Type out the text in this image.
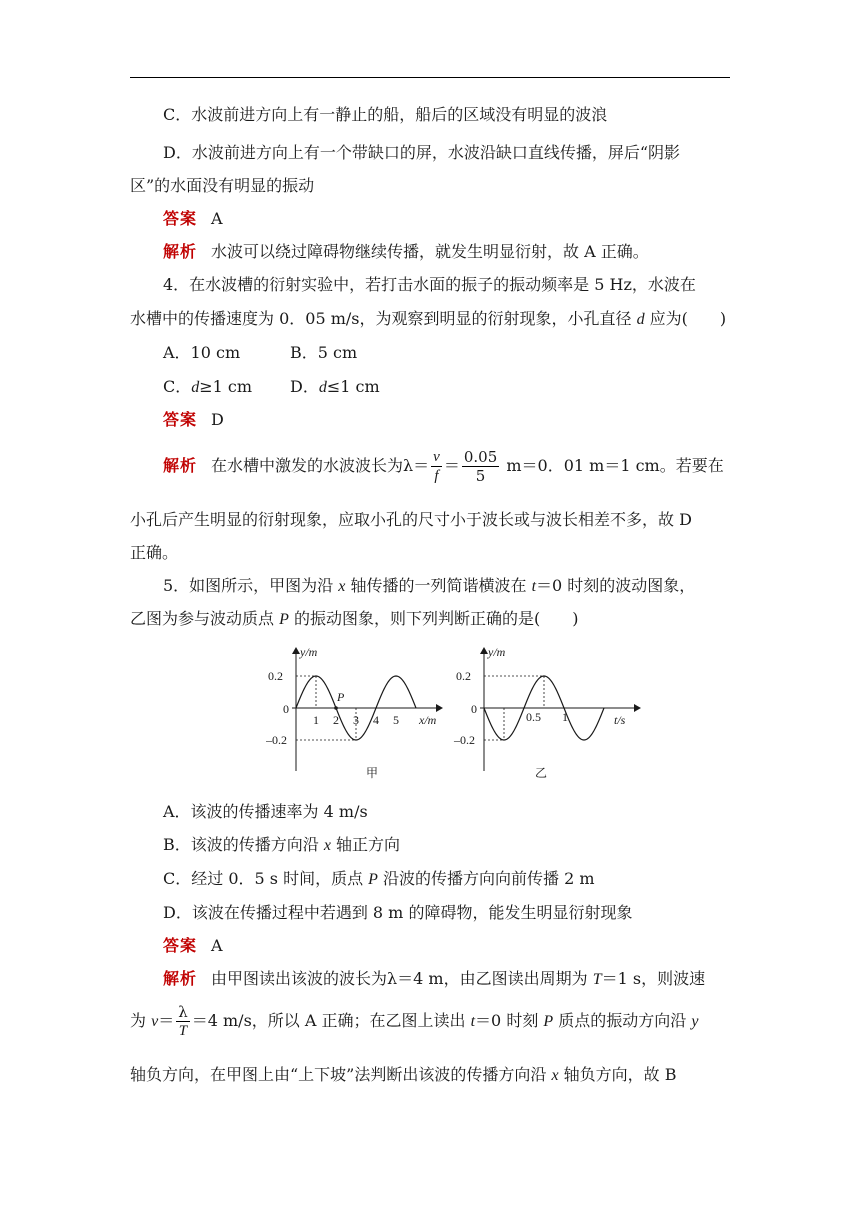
C．水波前进方向上有一静止的船，船后的区域没有明显的波浪
D．水波前进方向上有一个带缺口的屏，水波沿缺口直线传播，屏后“阴影
区”的水面没有明显的振动
答案 A
解析 水波可以绕过障碍物继续传播，就发生明显衍射，故 A 正确。
4．在水波槽的衍射实验中，若打击水面的振子的振动频率是 5 Hz，水波在
水槽中的传播速度为 0．05 m/s，为观察到明显的衍射现象，小孔直径 d 应为(　　)
A．10 cm	B．5 cm
C．d≥1 cm D．d≤1 cm
答案 D
解析 在水槽中激发的水波波长为$\lambda= \frac{v}{f} = \frac{0.05}{5} m=0$．01 m＝1 cm。若要在
小孔后产生明显的衍射现象，应取小孔的尺寸小于波长或与波长相差不多，故 D
正确。
5．如图所示，甲图为沿 x 轴传播的一列简谐横波在 t＝0 时刻的波动图象，
乙图为参与波动质点 P 的振动图象，则下列判断正确的是(　　)
y/m
0.2
–0.2
0
P
1 2 3 4 5 x/m
甲
y/m
0.2
–0.2
0
0.5 1	t/s
乙
A．该波的传播速率为 4 m/s
B．该波的传播方向沿 x 轴正方向
C．经过 0．5 s 时间，质点 P 沿波的传播方向向前传播 2 m
D．该波在传播过程中若遇到 8 m 的障碍物，能发生明显衍射现象
答案 A
解析 由甲图读出该波的波长为λ＝4 m，由乙图读出周期为 T＝1 s，则波速
为 $v= \frac{\lambda}{T} =4$ m/s，所以 A 正确；在乙图上读出 t＝0 时刻 P 质点的振动方向沿 y
轴负方向，在甲图上由“上下坡”法判断出该波的传播方向沿 x 轴负方向，故 B
